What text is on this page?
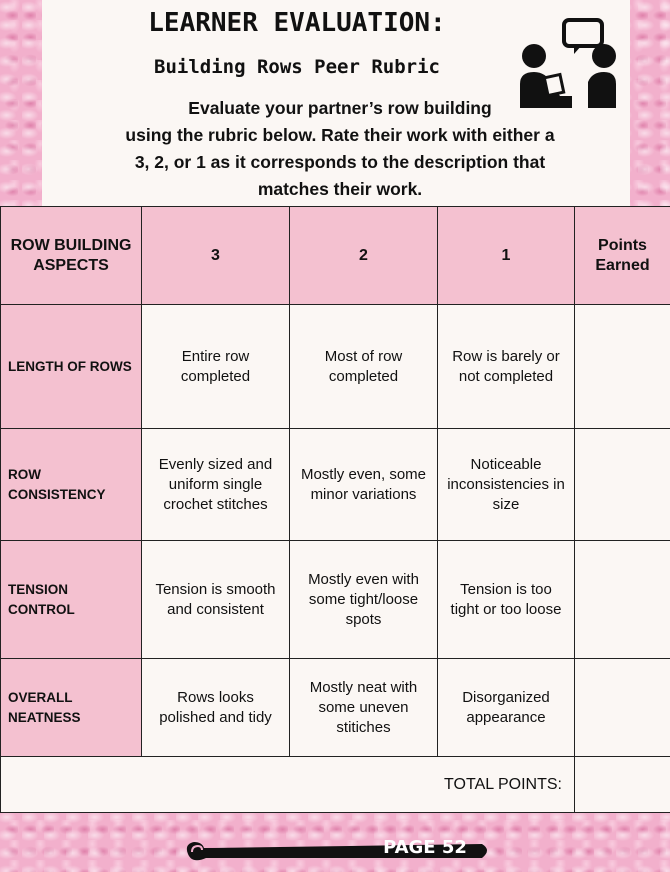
LEARNER EVALUATION:
Building Rows Peer Rubric
Evaluate your partner’s row building
using the rubric below. Rate their work with either a
3, 2, or 1 as it corresponds to the description that
matches their work.
ROW BUILDING ASPECTS	3	2	1	Points Earned
LENGTH OF ROWS	Entire row completed	Most of row completed	Row is barely or not completed	
ROW CONSISTENCY	Evenly sized and uniform single crochet stitches	Mostly even, some minor variations	Noticeable inconsistencies in size	
TENSION CONTROL	Tension is smooth and consistent	Mostly even with some tight/loose spots	Tension is too tight or too loose	
OVERALL NEATNESS	Rows looks polished and tidy	Mostly neat with some uneven stitiches	Disorganized appearance	
TOTAL POINTS:				
PAGE 52
